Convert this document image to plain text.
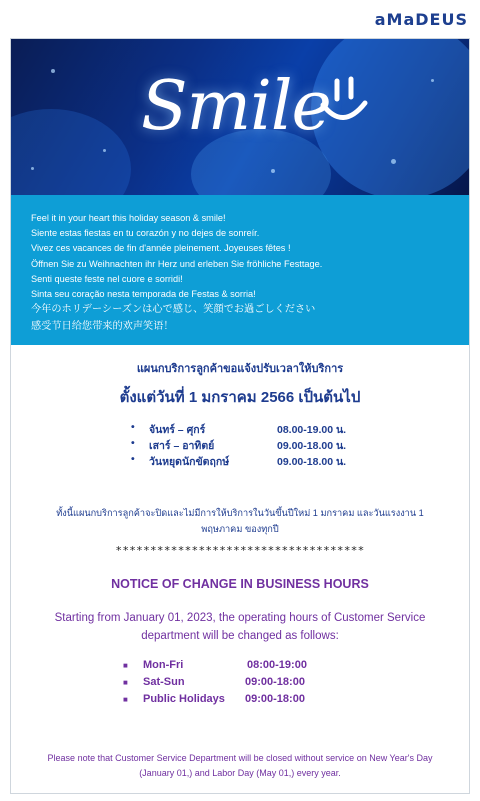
aMaDEUS
Smile
Feel it in your heart this holiday season & smile!
Siente estas fiestas en tu corazón y no dejes de sonreír.
Vivez ces vacances de fin d'année pleinement. Joyeuses fêtes !
Öffnen Sie zu Weihnachten ihr Herz und erleben Sie fröhliche Festtage.
Senti queste feste nel cuore e sorridi!
Sinta seu coração nesta temporada de Festas & sorria!
今年のホリデーシーズンは心で感じ、笑顔でお過ごしください
感受节日给您带来的欢声笑语！
แผนกบริการลูกค้าขอแจ้งปรับเวลาให้บริการ
ตั้งแต่วันที่ 1 มกราคม 2566 เป็นต้นไป
• จันทร์ – ศุกร์	08.00-19.00 น.
• เสาร์ – อาทิตย์	09.00-18.00 น.
• วันหยุดนักขัตฤกษ์	09.00-18.00 น.
ทั้งนี้แผนกบริการลูกค้าจะปิดและไม่มีการให้บริการในวันขึ้นปีใหม่ 1 มกราคม และวันแรงงาน 1 พฤษภาคม ของทุกปี
************************************
NOTICE OF CHANGE IN BUSINESS HOURS
Starting from January 01, 2023, the operating hours of Customer Service department will be changed as follows:
■ Mon-Fri	08:00-19:00
■ Sat-Sun	09:00-18:00
■ Public Holidays 09:00-18:00
Please note that Customer Service Department will be closed without service on New Year's Day (January 01,) and Labor Day (May 01,) every year.
